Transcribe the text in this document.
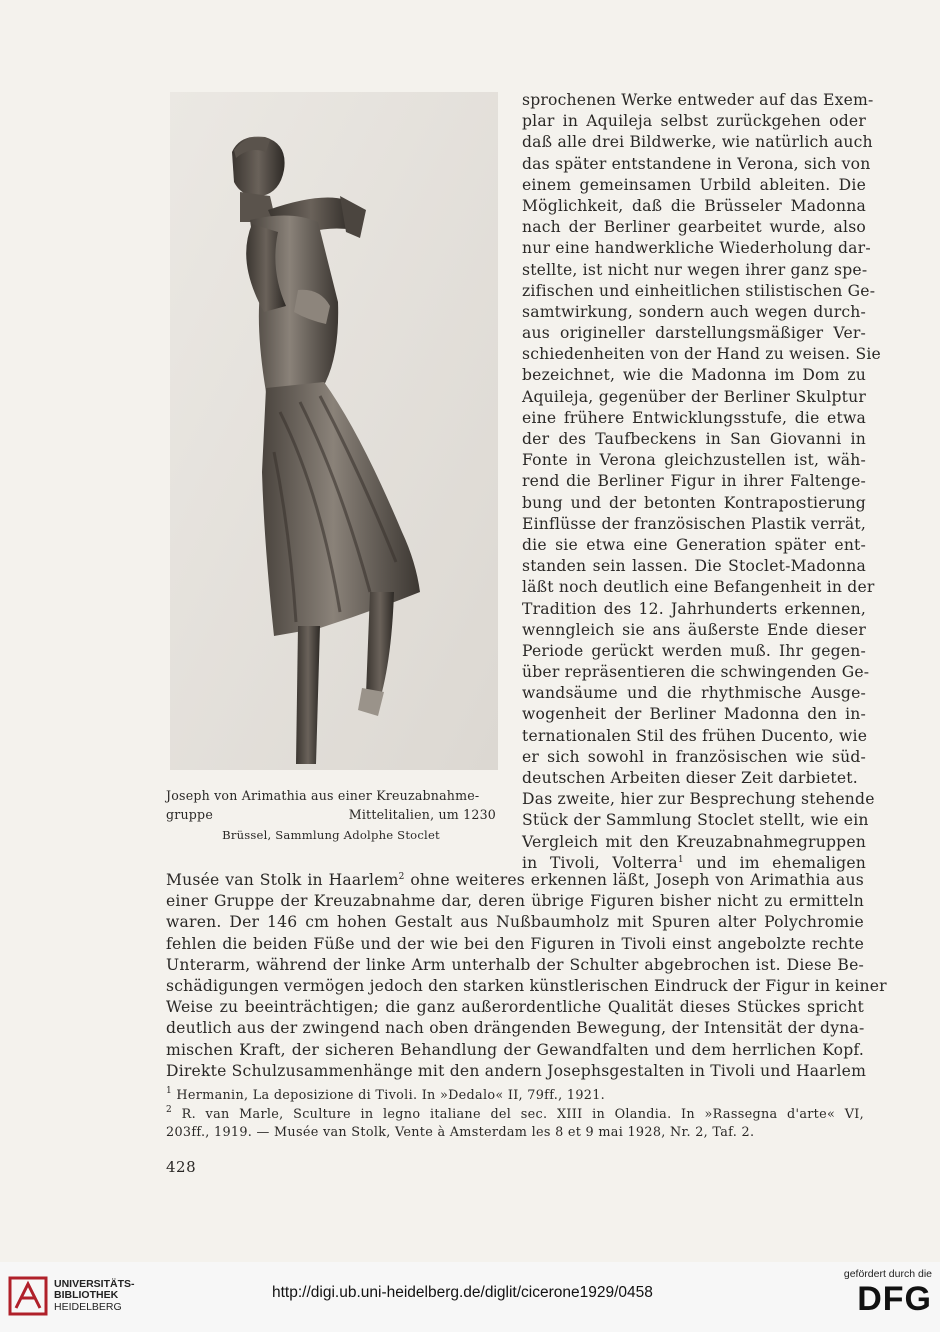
sprochenen Werke entweder auf das Exem-
plar in Aquileja selbst zurückgehen oder
daß alle drei Bildwerke, wie natürlich auch
das später entstandene in Verona, sich von
einem gemeinsamen Urbild ableiten. Die
Möglichkeit, daß die Brüsseler Madonna
nach der Berliner gearbeitet wurde, also
nur eine handwerkliche Wiederholung dar-
stellte, ist nicht nur wegen ihrer ganz spe-
zifischen und einheitlichen stilistischen Ge-
samtwirkung, sondern auch wegen durch-
aus origineller darstellungsmäßiger Ver-
schiedenheiten von der Hand zu weisen. Sie
bezeichnet, wie die Madonna im Dom zu
Aquileja, gegenüber der Berliner Skulptur
eine frühere Entwicklungsstufe, die etwa
der des Taufbeckens in San Giovanni in
Fonte in Verona gleichzustellen ist, wäh-
rend die Berliner Figur in ihrer Faltenge-
bung und der betonten Kontrapostierung
Einflüsse der französischen Plastik verrät,
die sie etwa eine Generation später ent-
standen sein lassen. Die Stoclet-Madonna
läßt noch deutlich eine Befangenheit in der
Tradition des 12. Jahrhunderts erkennen,
wenngleich sie ans äußerste Ende dieser
Periode gerückt werden muß. Ihr gegen-
über repräsentieren die schwingenden Ge-
wandsäume und die rhythmische Ausge-
wogenheit der Berliner Madonna den in-
ternationalen Stil des frühen Ducento, wie
er sich sowohl in französischen wie süd-
deutschen Arbeiten dieser Zeit darbietet.
Das zweite, hier zur Besprechung stehende
Stück der Sammlung Stoclet stellt, wie ein
Vergleich mit den Kreuzabnahmegruppen
in Tivoli, Volterra$^1$ und im ehemaligen
Joseph von Arimathia aus einer Kreuzabnahme-
gruppe	Mittelitalien, um 1230
Brüssel, Sammlung Adolphe Stoclet
Musée van Stolk in Haarlem$^2$ ohne weiteres erkennen läßt, Joseph von Arimathia aus
einer Gruppe der Kreuzabnahme dar, deren übrige Figuren bisher nicht zu ermitteln
waren. Der 146 cm hohen Gestalt aus Nußbaumholz mit Spuren alter Polychromie
fehlen die beiden Füße und der wie bei den Figuren in Tivoli einst angebolzte rechte
Unterarm, während der linke Arm unterhalb der Schulter abgebrochen ist. Diese Be-
schädigungen vermögen jedoch den starken künstlerischen Eindruck der Figur in keiner
Weise zu beeinträchtigen; die ganz außerordentliche Qualität dieses Stückes spricht
deutlich aus der zwingend nach oben drängenden Bewegung, der Intensität der dyna-
mischen Kraft, der sicheren Behandlung der Gewandfalten und dem herrlichen Kopf.
Direkte Schulzusammenhänge mit den andern Josephsgestalten in Tivoli und Haarlem
$^1$ Hermanin, La deposizione di Tivoli. In »Dedalo« II, 79ff., 1921.
$^2$ R. van Marle, Sculture in legno italiane del sec. XIII in Olandia. In »Rassegna d'arte« VI,
203ff., 1919. — Musée van Stolk, Vente à Amsterdam les 8 et 9 mai 1928, Nr. 2, Taf. 2.
428
UNIVERSITÄTS-
BIBLIOTHEK
HEIDELBERG
http://digi.ub.uni-heidelberg.de/diglit/cicerone1929/0458
gefördert durch die
DFG
